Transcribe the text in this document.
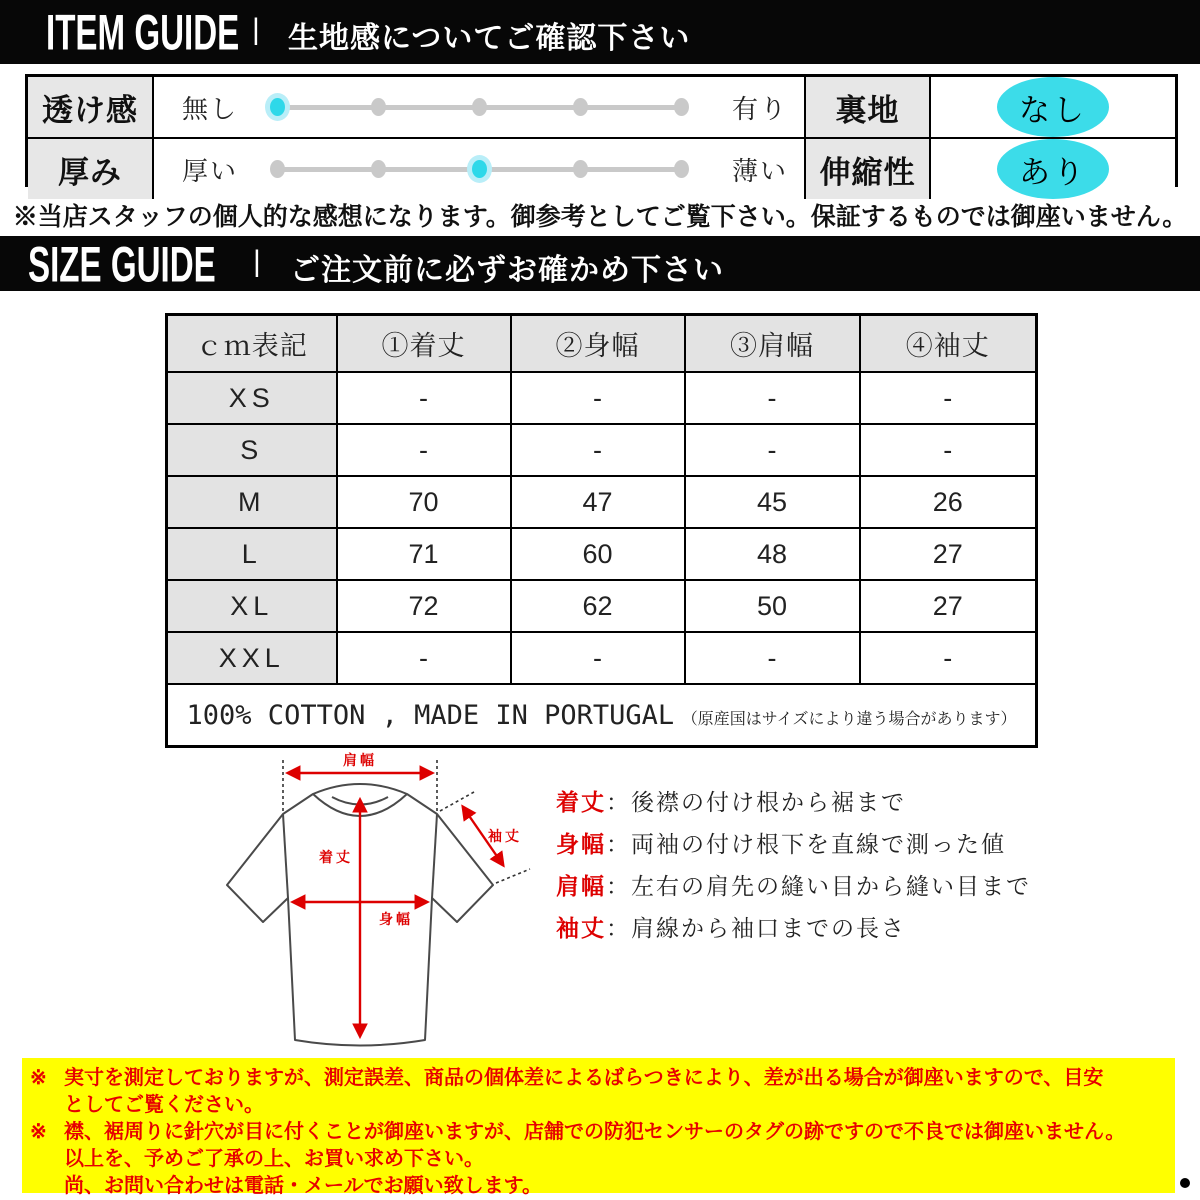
ITEM GUIDE | 生地感についてご確認下さい
透け感	無し	有り	裏地	なし
厚み	厚い	薄い	伸縮性	あり
※当店スタッフの個人的な感想になります。御参考としてご覧下さい。保証するものでは御座いません。
SIZE GUIDE | ご注文前に必ずお確かめ下さい
ｃｍ表記	①着丈	②身幅	③肩幅	④袖丈
XS	-	-	-	-
S	-	-	-	-
M	70	47	45	26
L	71	60	48	27
XL	72	62	50	27
XXL	-	-	-	-
100% COTTON , MADE IN PORTUGAL （原産国はサイズにより違う場合があります）				
肩幅
着丈
身幅
袖丈
着丈 ： 後襟の付け根から裾まで
身幅 ： 両袖の付け根下を直線で測った値
肩幅 ： 左右の肩先の縫い目から縫い目まで
袖丈 ： 肩線から袖口までの長さ
※ 実寸を測定しておりますが、測定誤差、商品の個体差によるばらつきにより、差が出る場合が御座いますので、目安
としてご覧ください。
※ 襟、裾周りに針穴が目に付くことが御座いますが、店舗での防犯センサーのタグの跡ですので不良では御座いません。
以上を、予めご了承の上、お買い求め下さい。
尚、お問い合わせは電話・メールでお願い致します。
